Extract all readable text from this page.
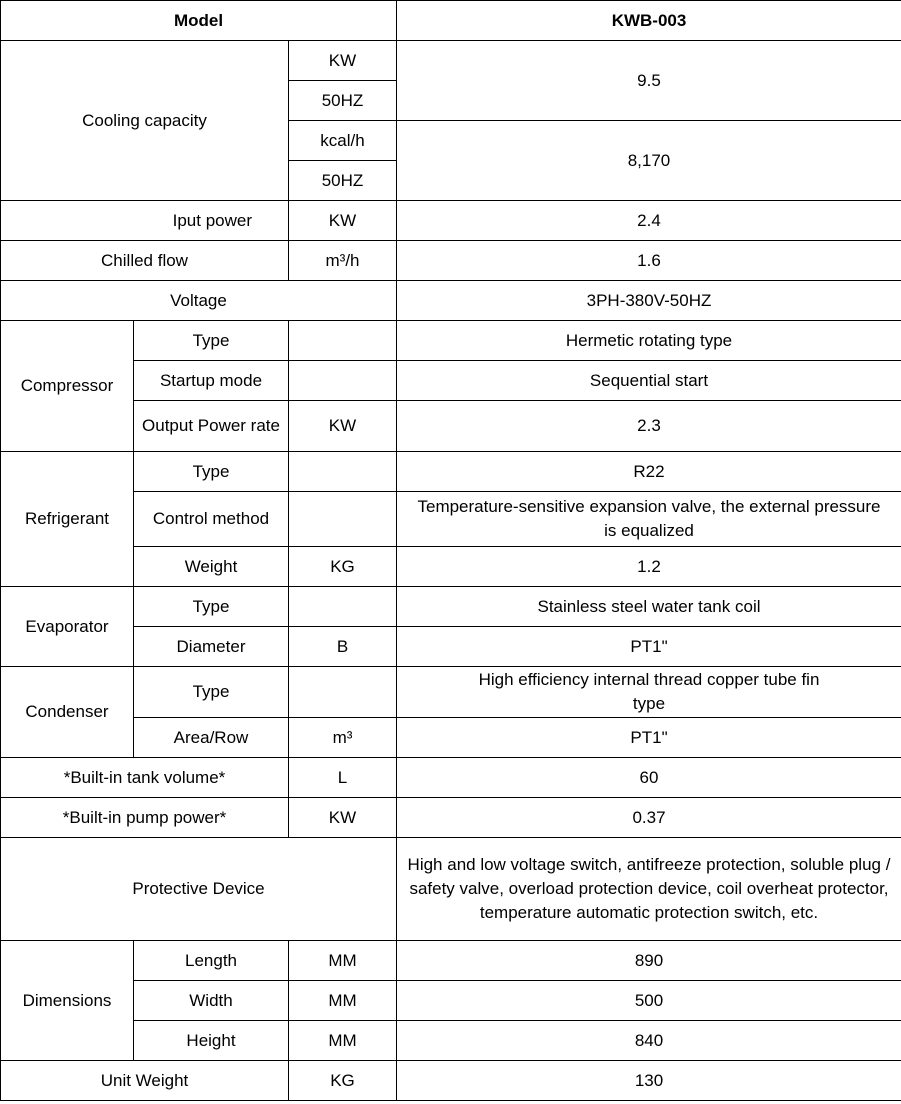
Model			KWB-003
Cooling capacity		KW	9.5
		50HZ	
		kcal/h	8,170
		50HZ	
Iput power		KW	2.4
Chilled flow		m³/h	1.6
Voltage			3PH-380V-50HZ
Compressor	Type		Hermetic rotating type
	Startup mode		Sequential start
	Output Power rate	KW	2.3
Refrigerant	Type		R22
	Control method		Temperature-sensitive expansion valve, the external pressure is equalized
	Weight	KG	1.2
Evaporator	Type		Stainless steel water tank coil
	Diameter	B	PT1"
Condenser	Type		High efficiency internal thread copper tube fin type
	Area/Row	m³	PT1"
*Built-in tank volume*		L	60
*Built-in pump power*		KW	0.37
Protective Device			High and low voltage switch, antifreeze protection, soluble plug / safety valve, overload protection device, coil overheat protector, temperature automatic protection switch, etc.
Dimensions	Length	MM	890
	Width	MM	500
	Height	MM	840
Unit Weight		KG	130
